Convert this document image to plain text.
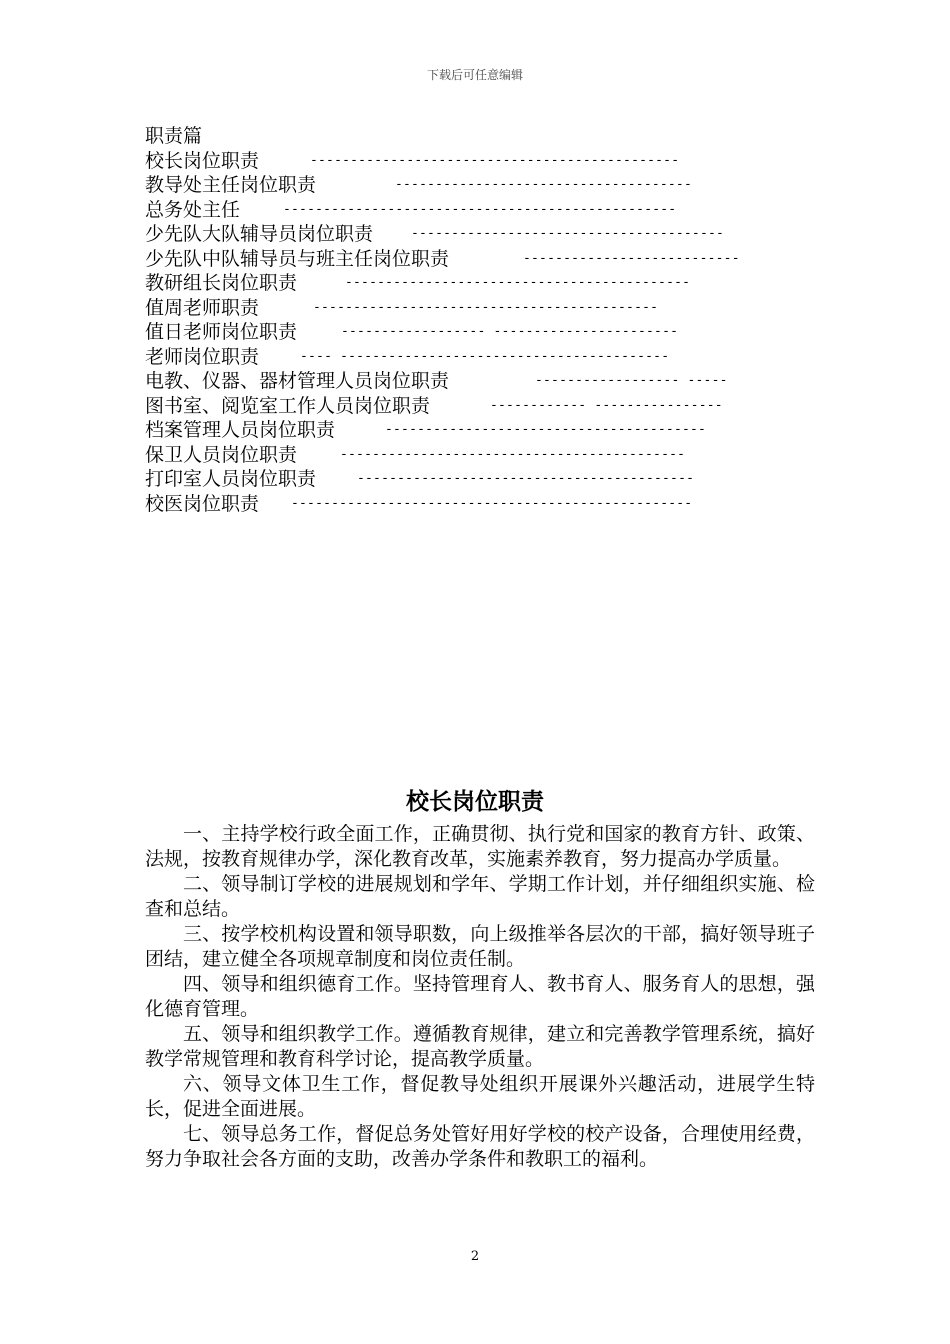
下载后可任意编辑
职责篇
校长岗位职责	----------------------------------------------
教导处主任岗位职责	-------------------------------------
总务处主任	-------------------------------------------------
少先队大队辅导员岗位职责	---------------------------------------
少先队中队辅导员与班主任岗位职责	---------------------------
教研组长岗位职责	-------------------------------------------
值周老师职责	-------------------------------------------
值日老师岗位职责	------------------ -----------------------
老师岗位职责	---- -----------------------------------------
电教、仪器、器材管理人员岗位职责	------------------ -----
图书室、阅览室工作人员岗位职责	------------ ----------------
档案管理人员岗位职责	----------------------------------------
保卫人员岗位职责	-------------------------------------------
打印室人员岗位职责	------------------------------------------
校医岗位职责 --------------------------------------------------
校长岗位职责

一、主持学校行政全面工作，正确贯彻、执行党和国家的教育方针、政策、法规，按教育规律办学，深化教育改革，实施素养教育，努力提高办学质量。

二、领导制订学校的进展规划和学年、学期工作计划，并仔细组织实施、检查和总结。

三、按学校机构设置和领导职数，向上级推举各层次的干部，搞好领导班子团结，建立健全各项规章制度和岗位责任制。

四、领导和组织德育工作。坚持管理育人、教书育人、服务育人的思想，强化德育管理。

五、领导和组织教学工作。遵循教育规律，建立和完善教学管理系统，搞好教学常规管理和教育科学讨论，提高教学质量。

六、领导文体卫生工作，督促教导处组织开展课外兴趣活动，进展学生特长，促进全面进展。

七、领导总务工作，督促总务处管好用好学校的校产设备，合理使用经费，努力争取社会各方面的支助，改善办学条件和教职工的福利。

2
